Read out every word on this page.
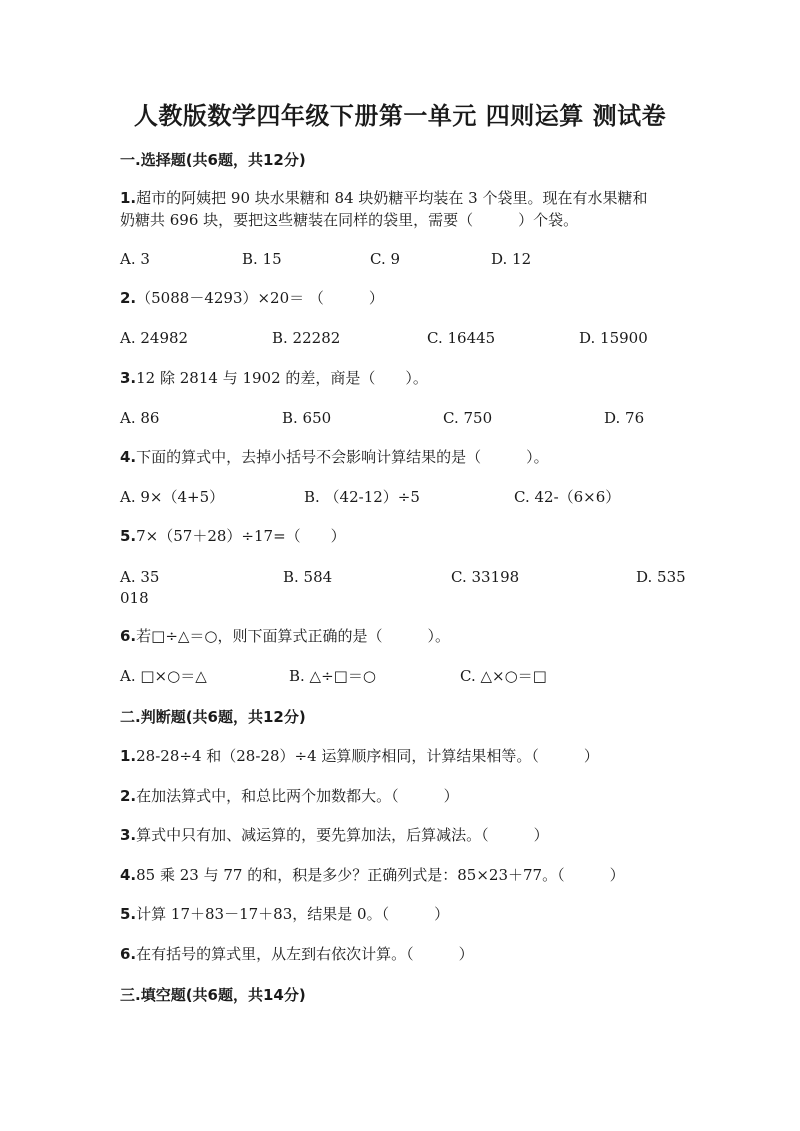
人教版数学四年级下册第一单元 四则运算 测试卷
一.选择题(共6题，共12分)
1.超市的阿姨把 90 块水果糖和 84 块奶糖平均装在 3 个袋里。现在有水果糖和
奶糖共 696 块，要把这些糖装在同样的袋里，需要（　　　）个袋。
A. 3	B. 15	C. 9	D. 12
2.（5088－4293）×20＝ （　　　）
A. 24982	B. 22282	C. 16445	D. 15900
3.12 除 2814 与 1902 的差，商是（　　）。
A. 86	B. 650	C. 750	D. 76
4.下面的算式中，去掉小括号不会影响计算结果的是（　　　）。
A. 9×（4+5）	B. （42-12）÷5	C. 42-（6×6）
5.7×（57＋28）÷17=（　　）
A. 35	B. 584	C. 33198	D. 535
018
6.若□÷△＝○，则下面算式正确的是（　　　）。
A. □×○＝△	B. △÷□＝○	C. △×○＝□
二.判断题(共6题，共12分)
1.28-28÷4 和（28-28）÷4 运算顺序相同，计算结果相等。（　　　）
2.在加法算式中，和总比两个加数都大。（　　　）
3.算式中只有加、减运算的，要先算加法，后算减法。（　　　）
4.85 乘 23 与 77 的和，积是多少？正确列式是：85×23＋77。（　　　）
5.计算 17＋83－17＋83，结果是 0。（　　　）
6.在有括号的算式里，从左到右依次计算。（　　　）
三.填空题(共6题，共14分)
